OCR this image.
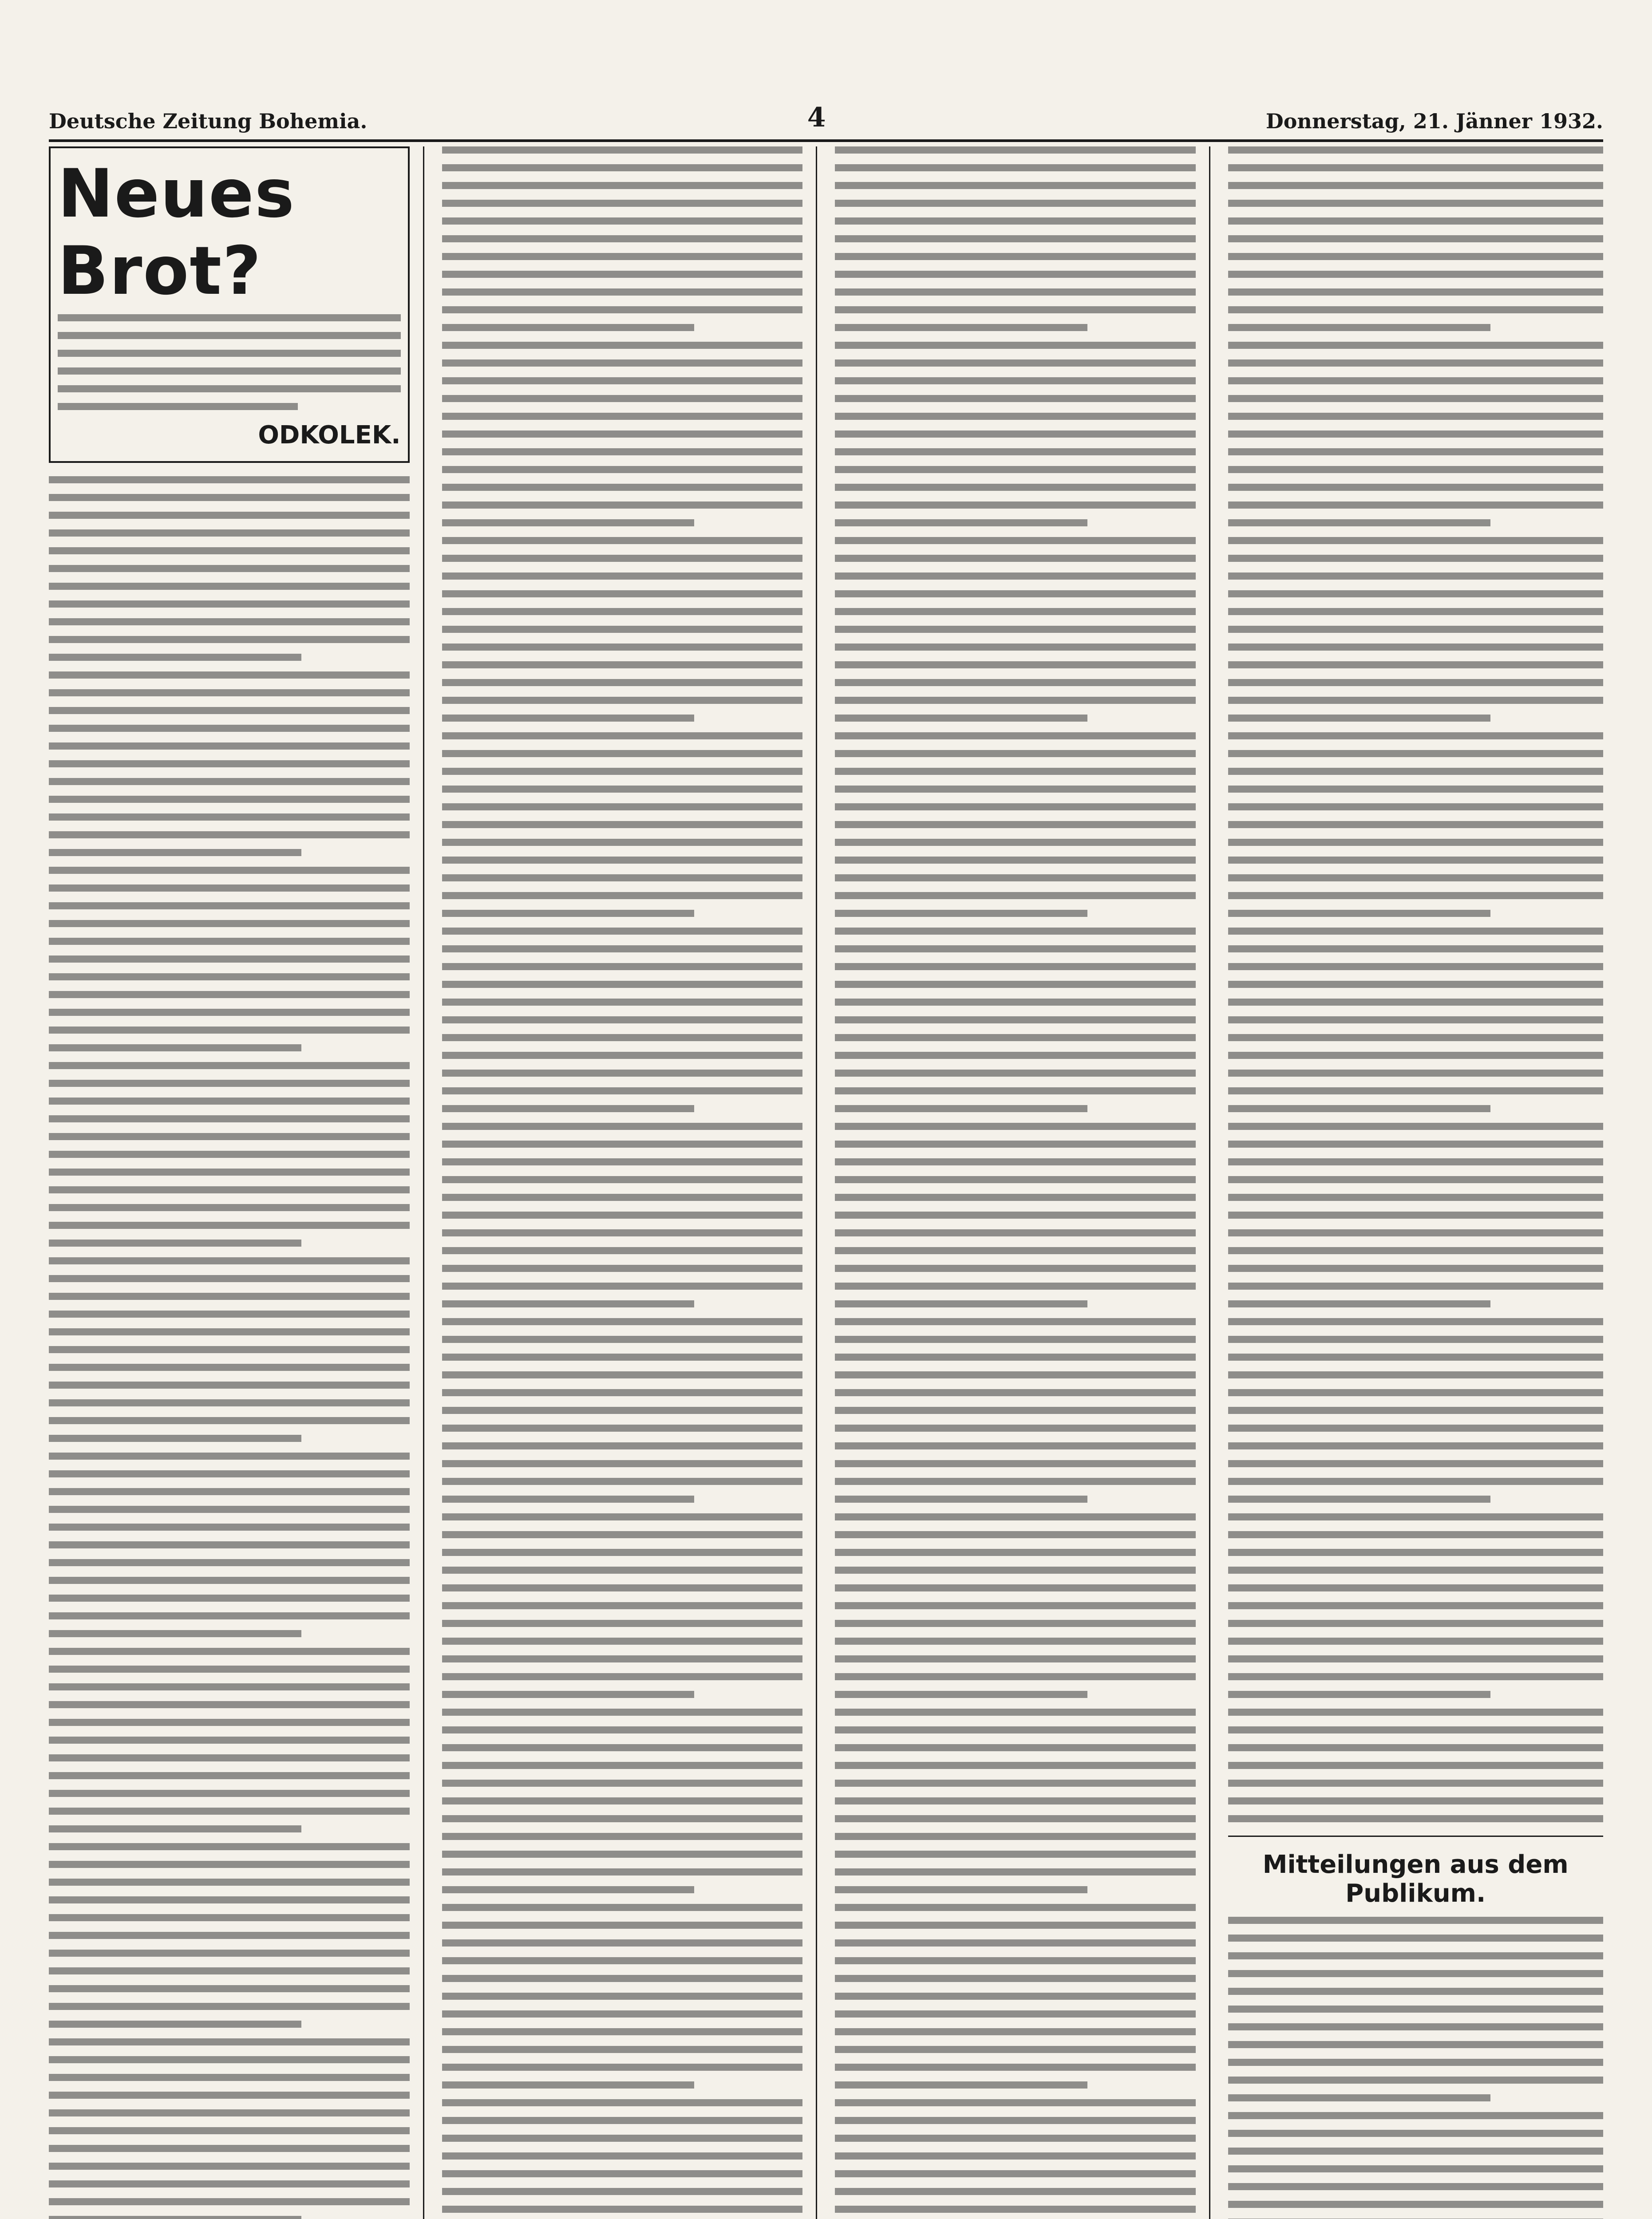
Deutsche Zeitung Bohemia.	4	Donnerstag, 21. Jänner 1932.
Neues Brot?
ODKOLEK.
Mitteilungen aus dem Publikum.
